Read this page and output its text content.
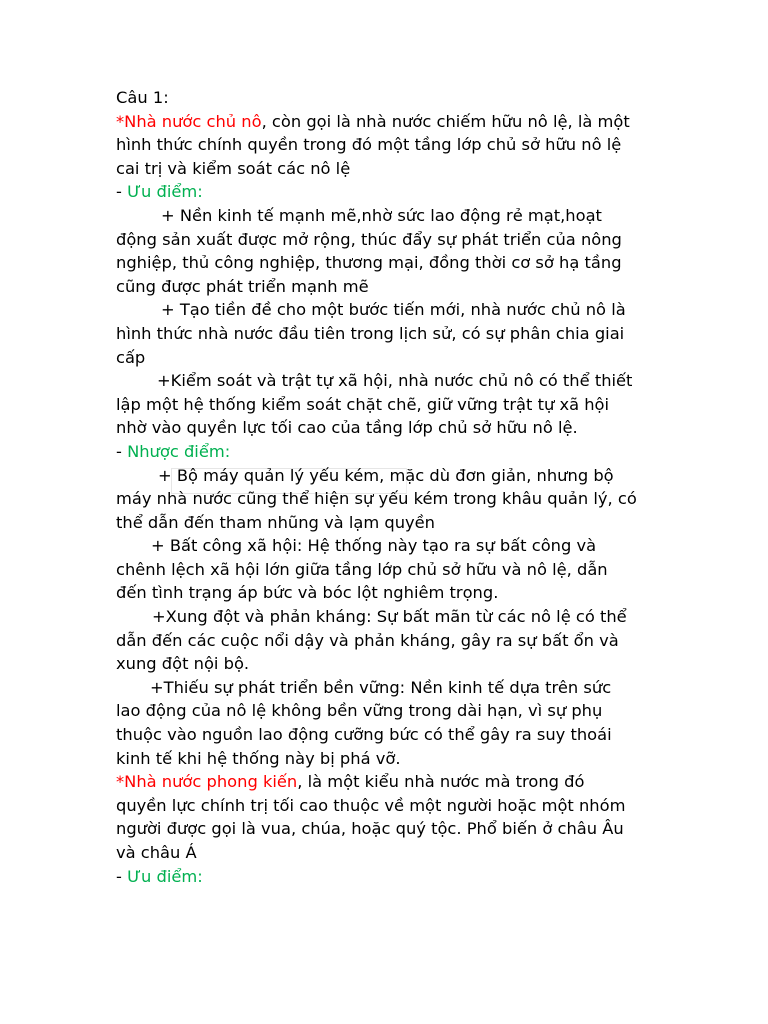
Câu 1:
*Nhà nước chủ nô, còn gọi là nhà nước chiếm hữu nô lệ, là một
hình thức chính quyền trong đó một tầng lớp chủ sở hữu nô lệ
cai trị và kiểm soát các nô lệ
- Ưu điểm:
+ Nền kinh tế mạnh mẽ,nhờ sức lao động rẻ mạt,hoạt
động sản xuất được mở rộng, thúc đẩy sự phát triển của nông
nghiệp, thủ công nghiệp, thương mại, đồng thời cơ sở hạ tầng
cũng được phát triển mạnh mẽ
+ Tạo tiền đề cho một bước tiến mới, nhà nước chủ nô là
hình thức nhà nước đầu tiên trong lịch sử, có sự phân chia giai
cấp
+Kiểm soát và trật tự xã hội, nhà nước chủ nô có thể thiết
lập một hệ thống kiểm soát chặt chẽ, giữ vững trật tự xã hội
nhờ vào quyền lực tối cao của tầng lớp chủ sở hữu nô lệ.
- Nhược điểm:
+ Bộ máy quản lý yếu kém, mặc dù đơn giản, nhưng bộ
máy nhà nước cũng thể hiện sự yếu kém trong khâu quản lý, có
thể dẫn đến tham nhũng và lạm quyền
+ Bất công xã hội: Hệ thống này tạo ra sự bất công và
chênh lệch xã hội lớn giữa tầng lớp chủ sở hữu và nô lệ, dẫn
đến tình trạng áp bức và bóc lột nghiêm trọng.
+Xung đột và phản kháng: Sự bất mãn từ các nô lệ có thể
dẫn đến các cuộc nổi dậy và phản kháng, gây ra sự bất ổn và
xung đột nội bộ.
+Thiếu sự phát triển bền vững: Nền kinh tế dựa trên sức
lao động của nô lệ không bền vững trong dài hạn, vì sự phụ
thuộc vào nguồn lao động cưỡng bức có thể gây ra suy thoái
kinh tế khi hệ thống này bị phá vỡ.
*Nhà nước phong kiến, là một kiểu nhà nước mà trong đó
quyền lực chính trị tối cao thuộc về một người hoặc một nhóm
người được gọi là vua, chúa, hoặc quý tộc. Phổ biến ở châu Âu
và châu Á
- Ưu điểm:
